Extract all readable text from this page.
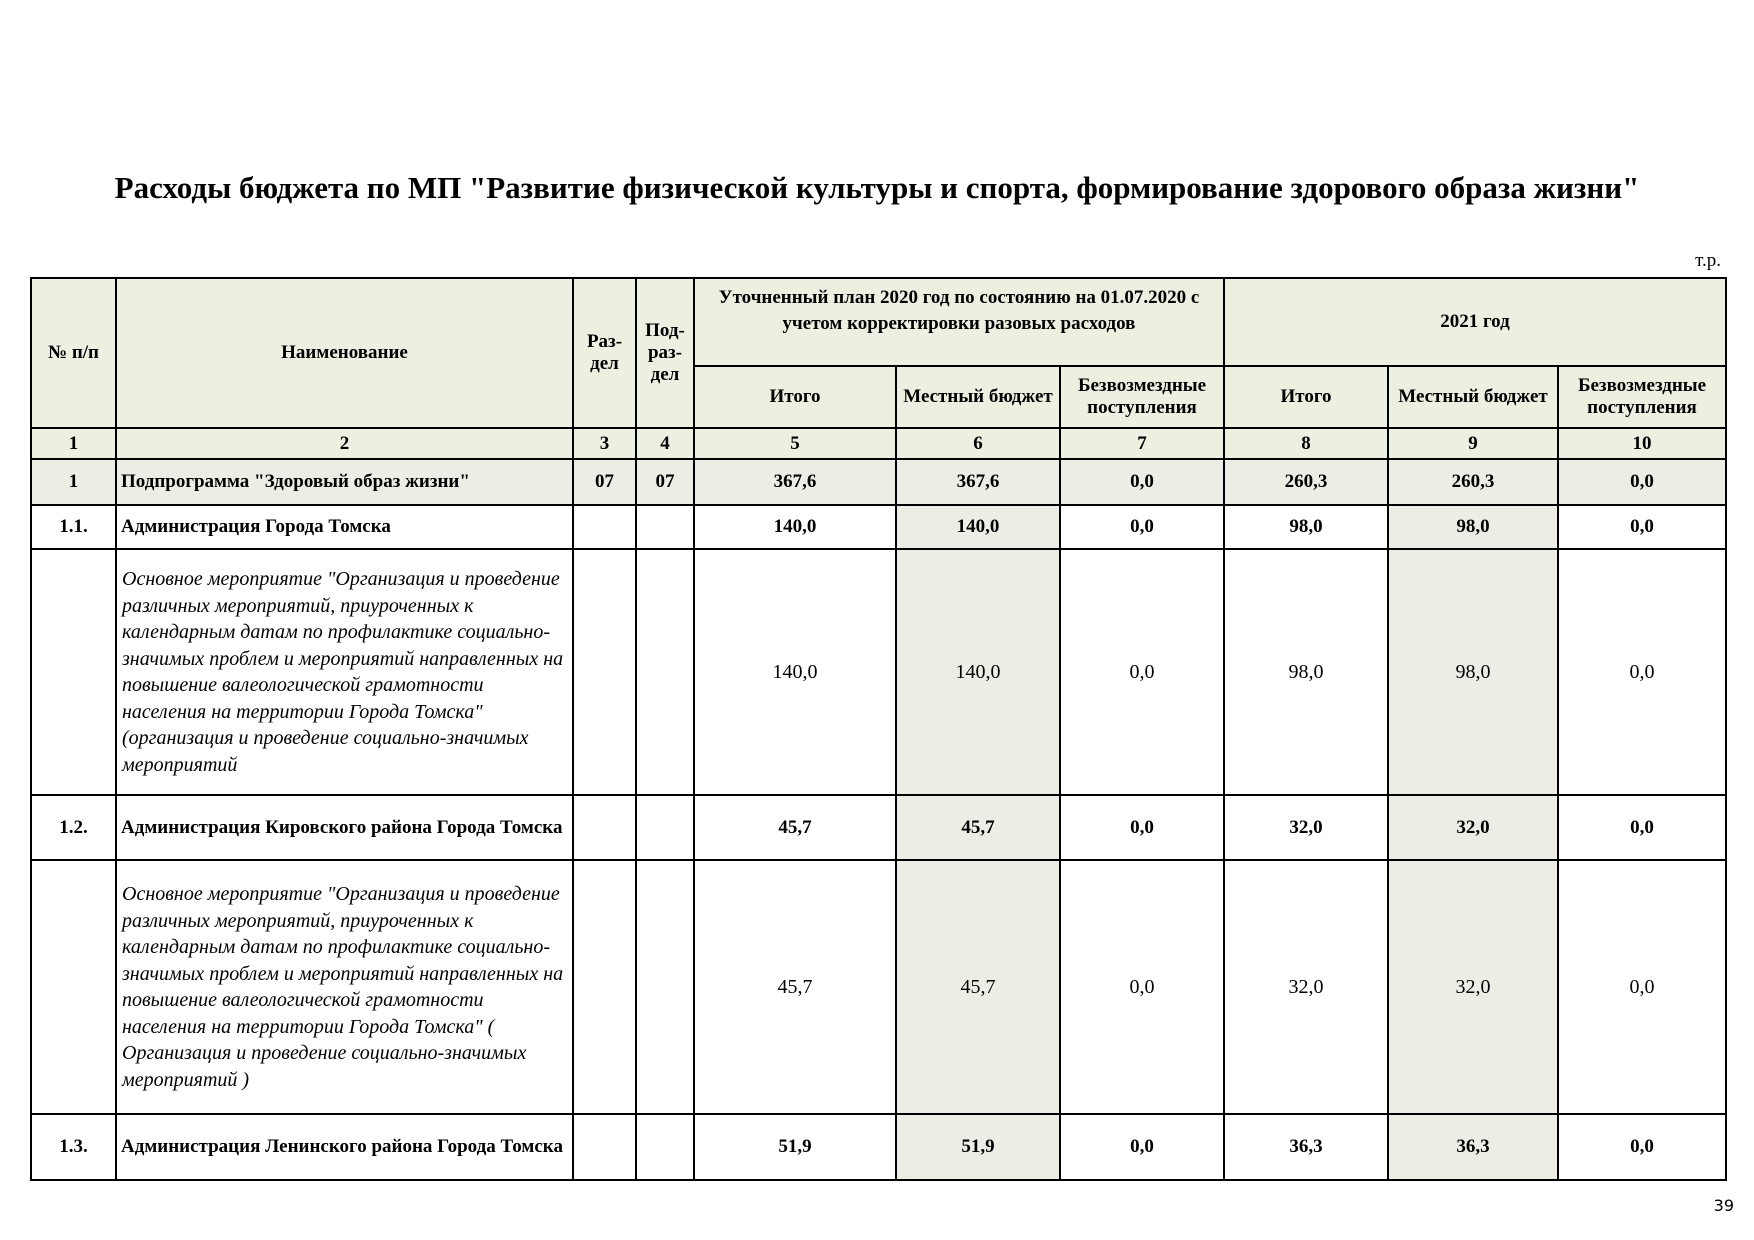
Расходы бюджета по МП "Развитие физической культуры и спорта, формирование здорового образа жизни"
т.р.
№ п/п	Наименование	Раз-дел	Под-раз-дел	Уточненный план 2020 год по состоянию на 01.07.2020 с учетом корректировки разовых расходов			2021 год		
				Итого	Местный бюджет	Безвозмездные поступления	Итого	Местный бюджет	Безвозмездные поступления
1	2	3	4	5	6	7	8	9	10
1	Подпрограмма "Здоровый образ жизни"	07	07	367,6	367,6	0,0	260,3	260,3	0,0
1.1.	Администрация Города Томска			140,0	140,0	0,0	98,0	98,0	0,0
	Основное мероприятие "Организация и проведение различных мероприятий, приуроченных к календарным датам по профилактике социально-значимых проблем и мероприятий направленных на повышение валеологической грамотности населения на территории Города Томска" (организация и проведение социально-значимых мероприятий			140,0	140,0	0,0	98,0	98,0	0,0
1.2.	Администрация Кировского района Города Томска			45,7	45,7	0,0	32,0	32,0	0,0
	Основное мероприятие "Организация и проведение различных мероприятий, приуроченных к календарным датам по профилактике социально-значимых проблем и мероприятий направленных на повышение валеологической грамотности населения на территории Города Томска" ( Организация и проведение социально-значимых мероприятий )			45,7	45,7	0,0	32,0	32,0	0,0
1.3.	Администрация Ленинского района Города Томска			51,9	51,9	0,0	36,3	36,3	0,0
39
